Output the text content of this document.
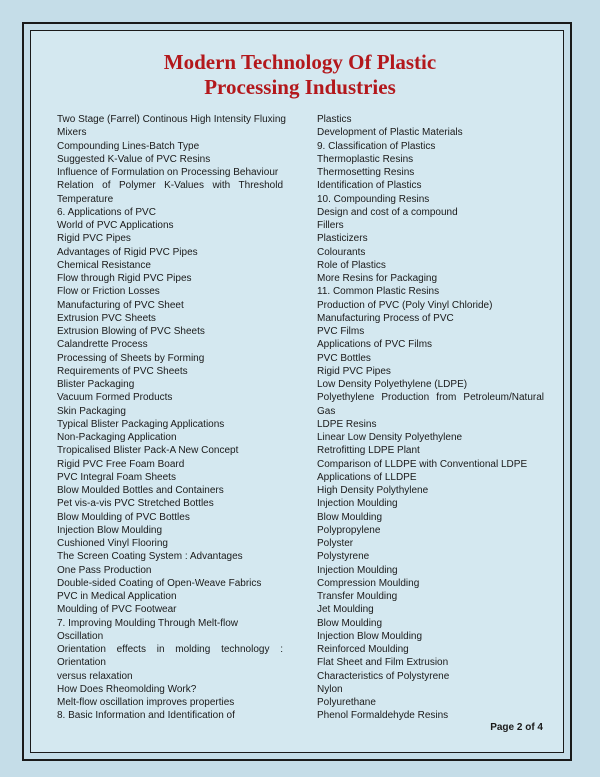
Modern Technology Of Plastic
Processing Industries
Two Stage (Farrel) Continous High Intensity Fluxing
Mixers
Compounding Lines-Batch Type
Suggested K-Value of PVC Resins
Influence of Formulation on Processing Behaviour
Relation of Polymer K-Values with Threshold
Temperature
6. Applications of PVC
World of PVC Applications
Rigid PVC Pipes
Advantages of Rigid PVC Pipes
Chemical Resistance
Flow through Rigid PVC Pipes
Flow or Friction Losses
Manufacturing of PVC Sheet
Extrusion PVC Sheets
Extrusion Blowing of PVC Sheets
Calandrette Process
Processing of Sheets by Forming
Requirements of PVC Sheets
Blister Packaging
Vacuum Formed Products
Skin Packaging
Typical Blister Packaging Applications
Non-Packaging Application
Tropicalised Blister Pack-A New Concept
Rigid PVC Free Foam Board
PVC Integral Foam Sheets
Blow Moulded Bottles and Containers
Pet vis-a-vis PVC Stretched Bottles
Blow Moulding of PVC Bottles
Injection Blow Moulding
Cushioned Vinyl Flooring
The Screen Coating System : Advantages
One Pass Production
Double-sided Coating of Open-Weave Fabrics
PVC in Medical Application
Moulding of PVC Footwear
7. Improving Moulding Through Melt-flow
Oscillation
Orientation effects in molding technology :
Orientation
versus relaxation
How Does Rheomolding Work?
Melt-flow oscillation improves properties
8. Basic Information and Identification of
Plastics
Development of Plastic Materials
9. Classification of Plastics
Thermoplastic Resins
Thermosetting Resins
Identification of Plastics
10. Compounding Resins
Design and cost of a compound
Fillers
Plasticizers
Colourants
Role of Plastics
More Resins for Packaging
11. Common Plastic Resins
Production of PVC (Poly Vinyl Chloride)
Manufacturing Process of PVC
PVC Films
Applications of PVC Films
PVC Bottles
Rigid PVC Pipes
Low Density Polyethylene (LDPE)
Polyethylene Production from Petroleum/Natural
Gas
LDPE Resins
Linear Low Density Polyethylene
Retrofitting LDPE Plant
Comparison of LLDPE with Conventional LDPE
Applications of LLDPE
High Density Polythylene
Injection Moulding
Blow Moulding
Polypropylene
Polyster
Polystyrene
Injection Moulding
Compression Moulding
Transfer Moulding
Jet Moulding
Blow Moulding
Injection Blow Moulding
Reinforced Moulding
Flat Sheet and Film Extrusion
Characteristics of Polystyrene
Nylon
Polyurethane
Phenol Formaldehyde Resins
Page 2 of 4
